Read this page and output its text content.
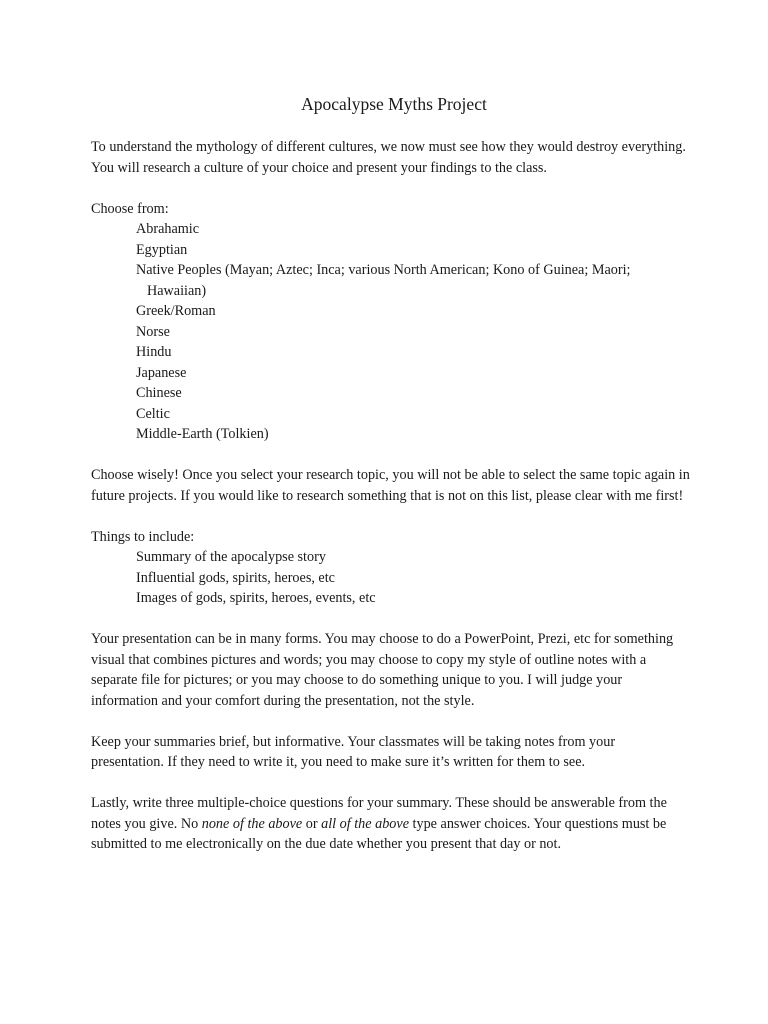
Apocalypse Myths Project

To understand the mythology of different cultures, we now must see how they would destroy everything. You will research a culture of your choice and present your findings to the class.

Choose from:

Abrahamic
Egyptian
Native Peoples (Mayan; Aztec; Inca; various North American; Kono of Guinea; Maori;
Hawaiian)
Greek/Roman
Norse
Hindu
Japanese
Chinese
Celtic
Middle-Earth (Tolkien)

Choose wisely! Once you select your research topic, you will not be able to select the same topic again in future projects. If you would like to research something that is not on this list, please clear with me first!

Things to include:

Summary of the apocalypse story
Influential gods, spirits, heroes, etc
Images of gods, spirits, heroes, events, etc

Your presentation can be in many forms. You may choose to do a PowerPoint, Prezi, etc for something visual that combines pictures and words; you may choose to copy my style of outline notes with a separate file for pictures; or you may choose to do something unique to you. I will judge your information and your comfort during the presentation, not the style.

Keep your summaries brief, but informative. Your classmates will be taking notes from your presentation. If they need to write it, you need to make sure it’s written for them to see.

Lastly, write three multiple-choice questions for your summary. These should be answerable from the notes you give. No none of the above or all of the above type answer choices. Your questions must be submitted to me electronically on the due date whether you present that day or not.
